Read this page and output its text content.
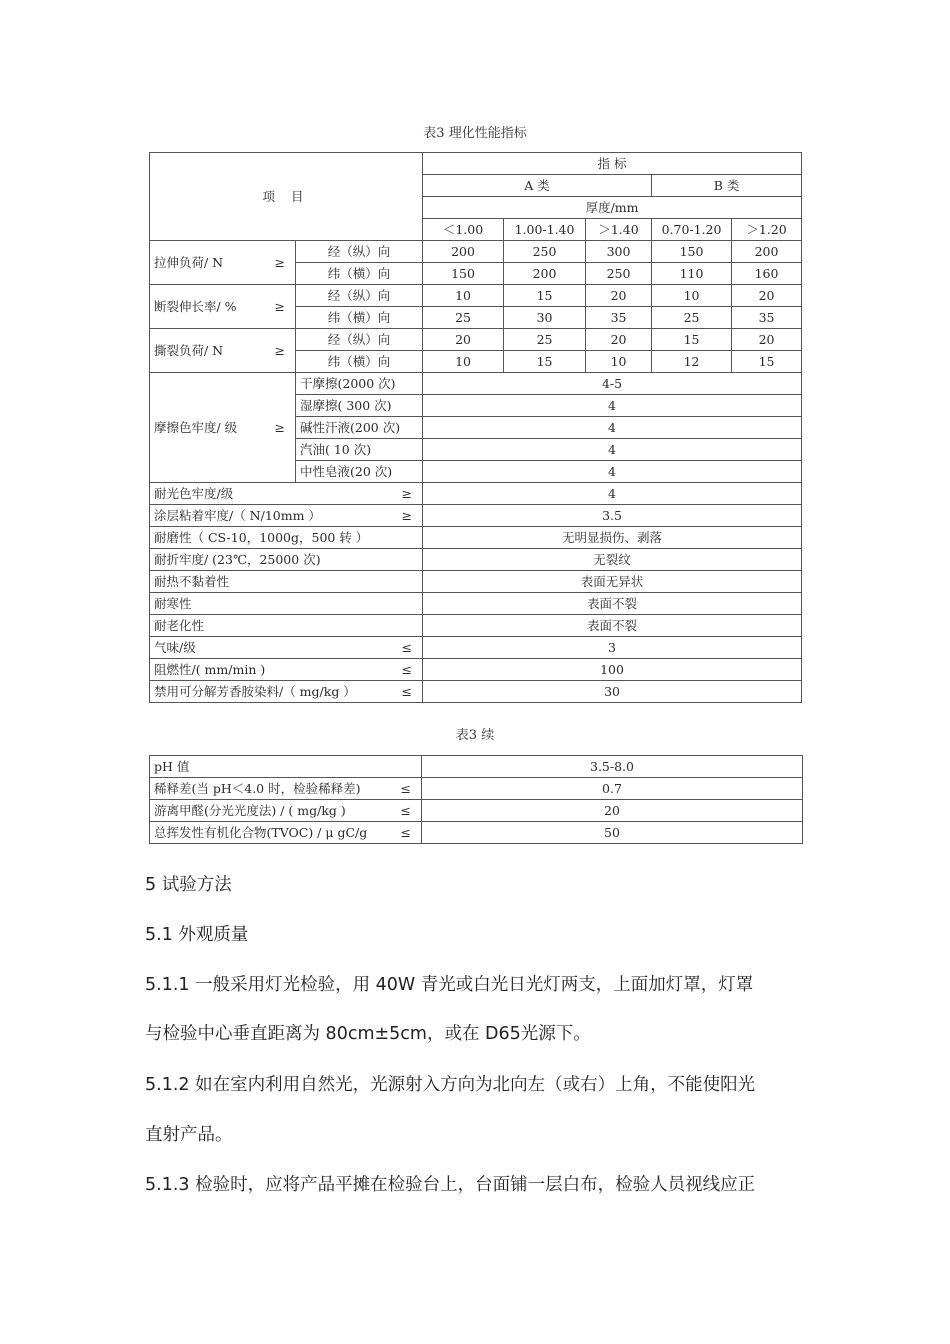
表3 理化性能指标
项 目		指 标				
		A 类			B 类	
		厚度/mm				
		＜1.00	1.00-1.40	＞1.40	0.70-1.20	＞1.20

拉伸负荷/ N ≥	经（纵）向	200	250	300	150	200
	纬（横）向	150	200	250	110	160

断裂伸长率/ % ≥	经（纵）向	10	15	20	10	20
	纬（横）向	25	30	35	25	35

撕裂负荷/ N ≥	经（纵）向	20	25	20	15	20
	纬（横）向	10	15	10	12	15

摩擦色牢度/ 级 ≥	干摩擦(2000 次)	4-5				
	湿摩擦( 300 次)	4				
	碱性汗液(200 次)	4				
	汽油( 10 次)	4				
	中性皂液(20 次)	4				

耐光色牢度/级 ≥		4				

涂层粘着牢度/（ N/10mm ） ≥		3.5				

耐磨性（ CS-10，1000g，500 转 ）		无明显损伤、剥落				

耐折牢度/ (23℃，25000 次)		无裂纹				

耐热不黏着性		表面无异状				

耐寒性		表面不裂				

耐老化性		表面不裂				

气味/级 ≤		3				

阻燃性/( mm/min ) ≤		100				

禁用可分解芳香胺染料/（ mg/kg ） ≤		30				
表3 续
pH 值	3.5-8.0

稀释差(当 pH＜4.0 时，检验稀释差) ≤	0.7

游离甲醛(分光光度法) / ( mg/kg ) ≤	20

总挥发性有机化合物(TVOC) / μ gC/g ≤	50
5 试验方法
5.1 外观质量
5.1.1 一般采用灯光检验，用 40W 青光或白光日光灯两支，上面加灯罩，灯罩
与检验中心垂直距离为 80cm±5cm，或在 D65光源下。
5.1.2 如在室内利用自然光，光源射入方向为北向左（或右）上角，不能使阳光
直射产品。
5.1.3 检验时，应将产品平摊在检验台上，台面铺一层白布，检验人员视线应正
